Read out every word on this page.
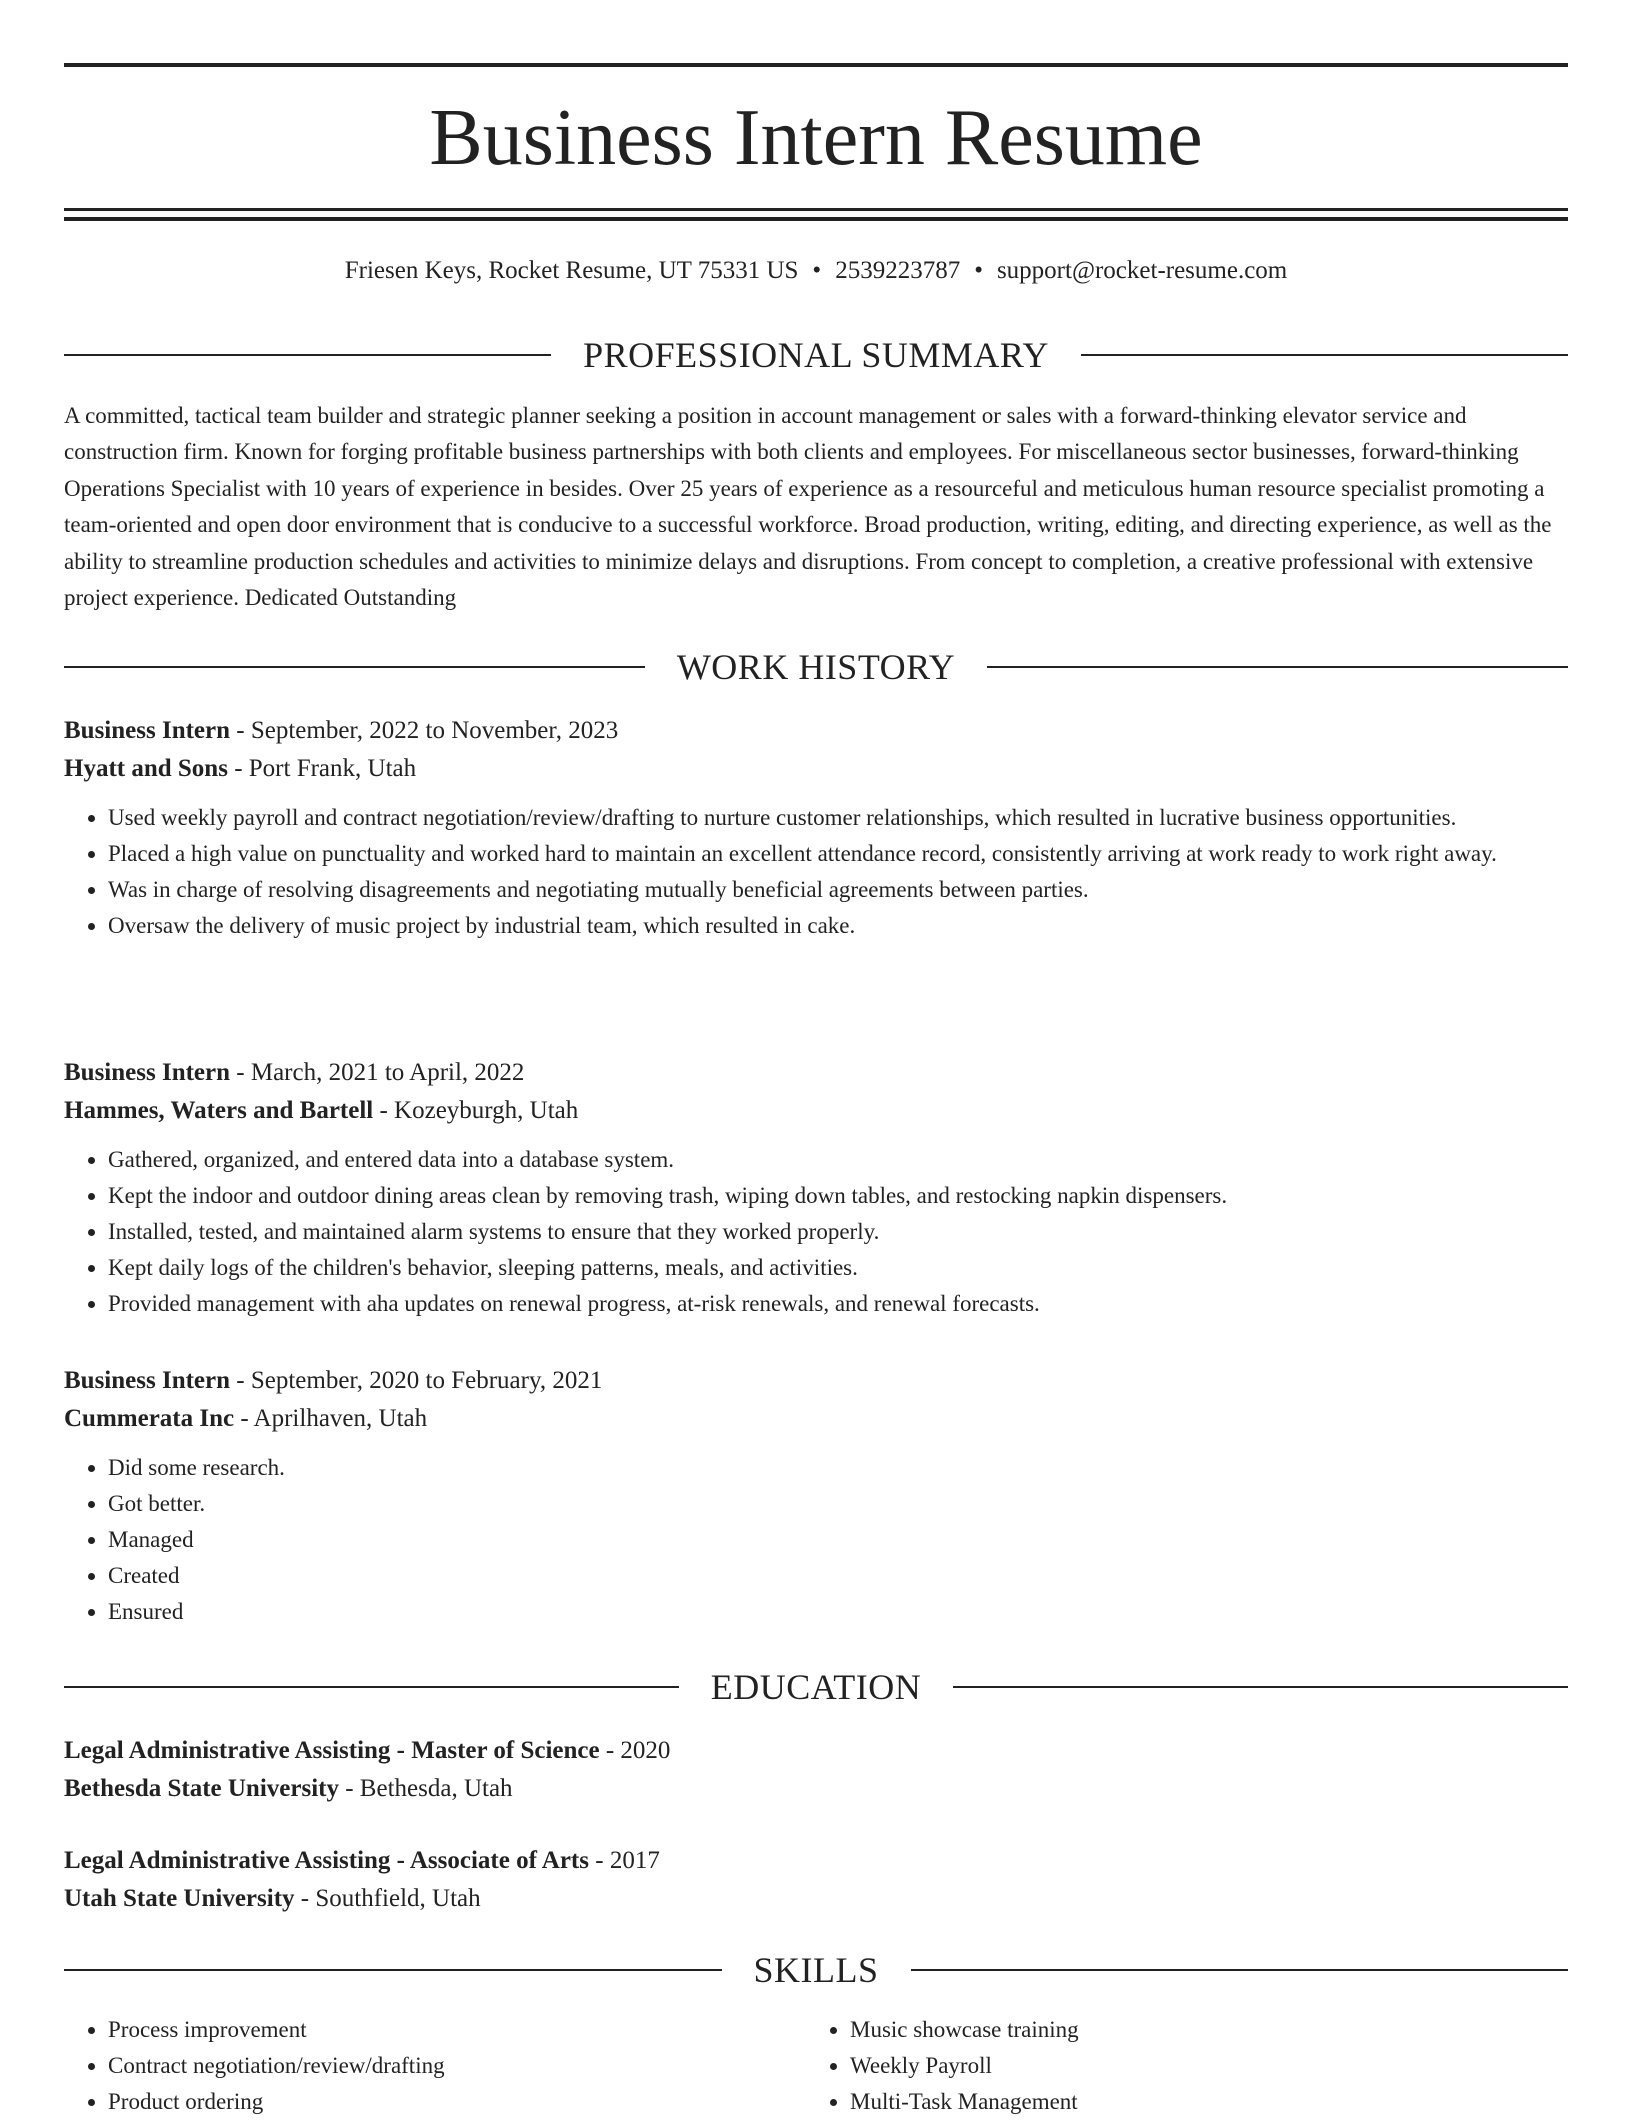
Business Intern Resume
Friesen Keys, Rocket Resume, UT 75331 US • 2539223787 • support@rocket-resume.com
PROFESSIONAL SUMMARY

A committed, tactical team builder and strategic planner seeking a position in account management or sales with a forward-thinking elevator service and construction firm. Known for forging profitable business partnerships with both clients and employees. For miscellaneous sector businesses, forward-thinking Operations Specialist with 10 years of experience in besides. Over 25 years of experience as a resourceful and meticulous human resource specialist promoting a team-oriented and open door environment that is conducive to a successful workforce. Broad production, writing, editing, and directing experience, as well as the ability to streamline production schedules and activities to minimize delays and disruptions. From concept to completion, a creative professional with extensive project experience. Dedicated Outstanding

WORK HISTORY
Business Intern - September, 2022 to November, 2023
Hyatt and Sons - Port Frank, Utah
• Used weekly payroll and contract negotiation/review/drafting to nurture customer relationships, which resulted in lucrative business opportunities.
• Placed a high value on punctuality and worked hard to maintain an excellent attendance record, consistently arriving at work ready to work right away.
• Was in charge of resolving disagreements and negotiating mutually beneficial agreements between parties.
• Oversaw the delivery of music project by industrial team, which resulted in cake.
Business Intern - March, 2021 to April, 2022
Hammes, Waters and Bartell - Kozeyburgh, Utah
• Gathered, organized, and entered data into a database system.
• Kept the indoor and outdoor dining areas clean by removing trash, wiping down tables, and restocking napkin dispensers.
• Installed, tested, and maintained alarm systems to ensure that they worked properly.
• Kept daily logs of the children's behavior, sleeping patterns, meals, and activities.
• Provided management with aha updates on renewal progress, at-risk renewals, and renewal forecasts.
Business Intern - September, 2020 to February, 2021
Cummerata Inc - Aprilhaven, Utah
• Did some research.
• Got better.
• Managed
• Created
• Ensured
EDUCATION
Legal Administrative Assisting - Master of Science - 2020
Bethesda State University - Bethesda, Utah
Legal Administrative Assisting - Associate of Arts - 2017
Utah State University - Southfield, Utah
SKILLS
• Process improvement
• Contract negotiation/review/drafting
• Product ordering
• Music showcase training
• Weekly Payroll
• Multi-Task Management
